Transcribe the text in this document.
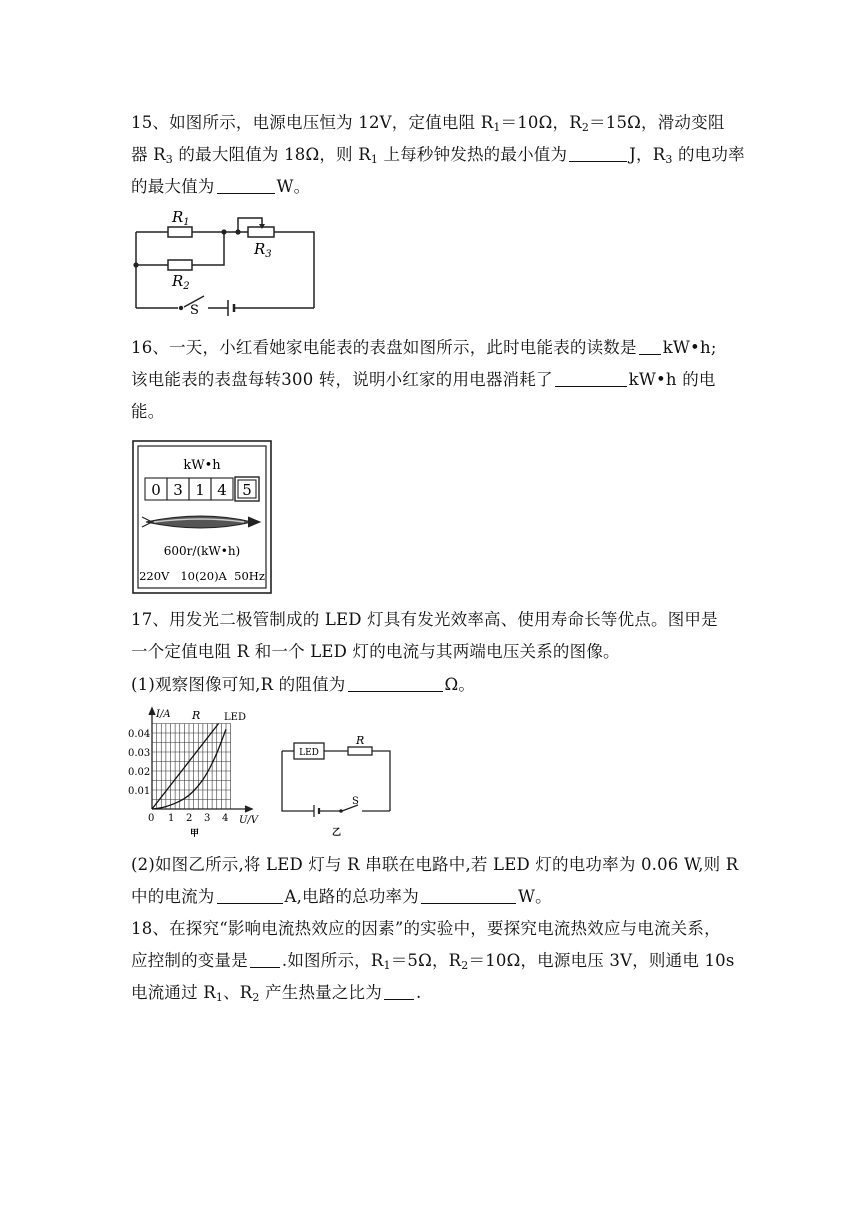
15、如图所示，电源电压恒为 12V，定值电阻 $R_1=10\Omega$，$R_2=15\Omega$，滑动变阻
器 $R_3$ 的最大阻值为 18Ω，则 $R_1$ 上每秒钟发热的最小值为	J，$R_3$ 的电功率
的最大值为	W。
$R_1$
$R_2$
$R_3$
S
16、一天，小红看她家电能表的表盘如图所示，此时电能表的读数是 kW•h;
该电能表的表盘每转300 转，说明小红家的用电器消耗了	kW•h 的电
能。
kW•h
0 3 1 4 5
600r/(kW•h)
220V   10(20)A  50Hz
17、用发光二极管制成的 LED 灯具有发光效率高、使用寿命长等优点。图甲是
一个定值电阻 R 和一个 LED 灯的电流与其两端电压关系的图像。
(1)观察图像可知,R 的阻值为	Ω。
I/A R LED
0.04
0.03
0.02
0.01
0 1 2 3 4 U/V
甲
LED
R
S
乙
(2)如图乙所示,将 LED 灯与 R 串联在电路中,若 LED 灯的电功率为 0.06 W,则 R
中的电流为	A,电路的总功率为	W。
18、在探究“影响电流热效应的因素”的实验中，要探究电流热效应与电流关系，
应控制的变量是 .如图所示，$R_1=5\Omega$，$R_2=10\Omega$，电源电压 3V，则通电 10s
电流通过 $R_1$、$R_2$ 产生热量之比为 .
